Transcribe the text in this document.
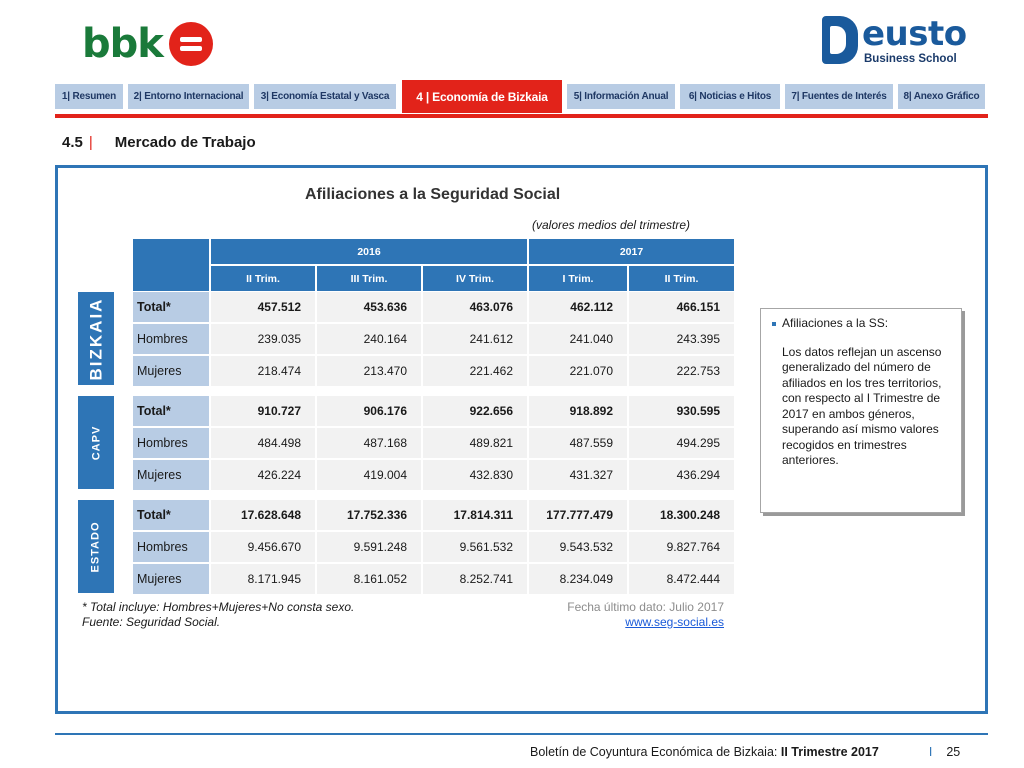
bbk	eusto
Business School
1| Resumen	2| Entorno Internacional	3| Economía Estatal y Vasca	4 | Economía de Bizkaia	5| Información Anual	6| Noticias e Hitos	7| Fuentes de Interés	8| Anexo Gráfico
4.5 | Mercado de Trabajo
Afiliaciones a la Seguridad Social
(valores medios del trimestre)
2016	2017
II Trim.	III Trim.	IV Trim.	I Trim.	II Trim.
BIZKAIA
CAPV
ESTADO
Total*	457.512	453.636	463.076	462.112	466.151
Hombres	239.035	240.164	241.612	241.040	243.395
Mujeres	218.474	213.470	221.462	221.070	222.753
Total*	910.727	906.176	922.656	918.892	930.595
Hombres	484.498	487.168	489.821	487.559	494.295
Mujeres	426.224	419.004	432.830	431.327	436.294
Total*	17.628.648	17.752.336	17.814.311	177.777.479	18.300.248
Hombres	9.456.670	9.591.248	9.561.532	9.543.532	9.827.764
Mujeres	8.171.945	8.161.052	8.252.741	8.234.049	8.472.444
* Total incluye: Hombres+Mujeres+No consta sexo.
Fuente: Seguridad Social.
Fecha último dato: Julio 2017
www.seg-social.es
Afiliaciones a la SS:
Los datos reflejan un ascenso generalizado del número de afiliados en los tres territorios, con respecto al I Trimestre de 2017 en ambos géneros, superando así mismo valores recogidos en trimestres anteriores.
Boletín de Coyuntura Económica de Bizkaia: II Trimestre 2017	I 25
